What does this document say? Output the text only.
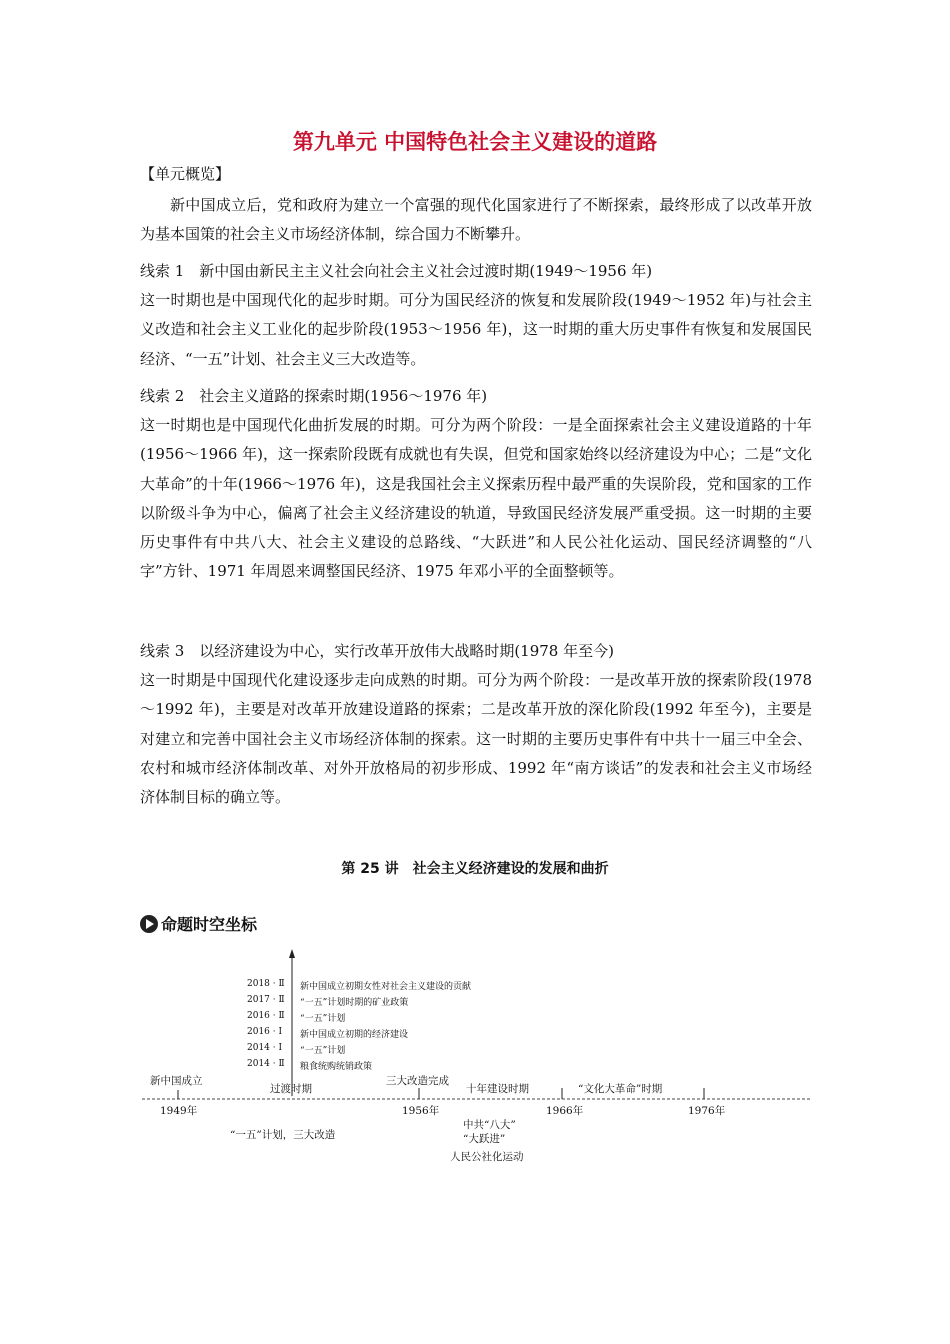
第九单元 中国特色社会主义建设的道路
【单元概览】

新中国成立后，党和政府为建立一个富强的现代化国家进行了不断探索，最终形成了以改革开放为基本国策的社会主义市场经济体制，综合国力不断攀升。

线索 1　新中国由新民主主义社会向社会主义社会过渡时期(1949～1956 年)

这一时期也是中国现代化的起步时期。可分为国民经济的恢复和发展阶段(1949～1952 年)与社会主义改造和社会主义工业化的起步阶段(1953～1956 年)，这一时期的重大历史事件有恢复和发展国民经济、“一五”计划、社会主义三大改造等。

线索 2　社会主义道路的探索时期(1956～1976 年)

这一时期也是中国现代化曲折发展的时期。可分为两个阶段：一是全面探索社会主义建设道路的十年(1956～1966 年)，这一探索阶段既有成就也有失误，但党和国家始终以经济建设为中心；二是“文化大革命”的十年(1966～1976 年)，这是我国社会主义探索历程中最严重的失误阶段，党和国家的工作以阶级斗争为中心，偏离了社会主义经济建设的轨道，导致国民经济发展严重受损。这一时期的主要历史事件有中共八大、社会主义建设的总路线、“大跃进”和人民公社化运动、国民经济调整的“八字”方针、1971 年周恩来调整国民经济、1975 年邓小平的全面整顿等。

线索 3　以经济建设为中心，实行改革开放伟大战略时期(1978 年至今)

这一时期是中国现代化建设逐步走向成熟的时期。可分为两个阶段：一是改革开放的探索阶段(1978～1992 年)，主要是对改革开放建设道路的探索；二是改革开放的深化阶段(1992 年至今)，主要是对建立和完善中国社会主义市场经济体制的探索。这一时期的主要历史事件有中共十一届三中全会、农村和城市经济体制改革、对外开放格局的初步形成、1992 年“南方谈话”的发表和社会主义市场经济体制目标的确立等。

第 25 讲　社会主义经济建设的发展和曲折
命题时空坐标
2018 · Ⅱ 新中国成立初期女性对社会主义建设的贡献
2017 · Ⅱ “一五”计划时期的矿业政策
2016 · Ⅱ “一五”计划
2016 · Ⅰ 新中国成立初期的经济建设
2014 · Ⅰ “一五”计划
2014 · Ⅱ 粮食统购统销政策
新中国成立
过渡时期
三大改造完成
十年建设时期	“文化大革命”时期
1949年	1956年	1966年	1976年
“一五”计划，三大改造
中共“八大”
“大跃进”
人民公社化运动
